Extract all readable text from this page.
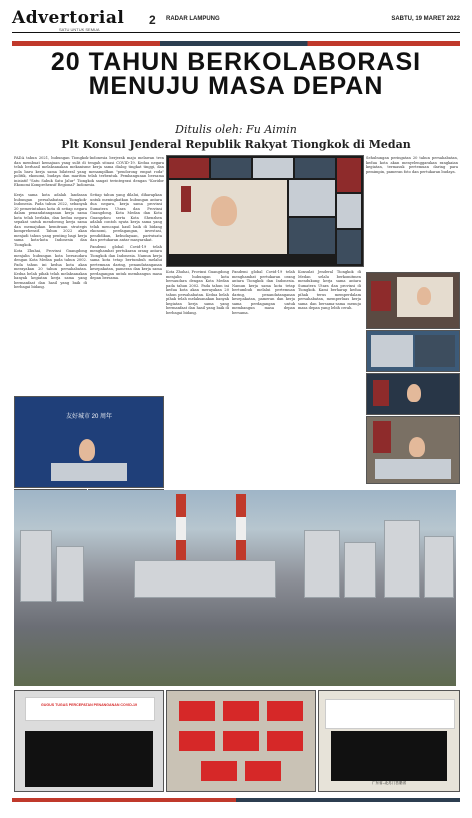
Advertorial
SATU UNTUK SEMUA
2 RADAR LAMPUNG	SABTU, 19 MARET 2022
20 TAHUN BERKOLABORASI
MENUJU MASA DEPAN
Ditulis oleh: Fu Aimin
Plt Konsul Jenderal Republik Rakyat Tiongkok di Medan
PADA tahun 2021, hubungan Tiongkok-Indonesia berjerak maju melawan tren dan membuat kemajuan yang sulit di tengah situasi COVID-19. Kedua negara telah berhasil melaksanakan mekanisme kerja sama dialog tingkat tinggi, dan pola baru kerja sama bilateral yang menampilkan "pendorong empat roda" politik, ekonomi, budaya dan maritim telah terbentuk. Pembangunan bersama inisiatif "Satu Sabuk Satu Jalur" Tiongkok sangat terintegrasi dengan "Koridor Ekonomi Komprehensif Regional" Indonesia.

Kerja sama kota adalah landasan hubungan persahabatan Tiongkok-Indonesia. Pada tahun 2022, sebanyak 20 pemerintahan kota di setiap negara dalam penandatanganan kerja sama kota telah berlaku, dan kedua negara sepakat untuk mendorong kerja sama dan memajukan kemitraan strategis komprehensif. Tahun 2022 akan menjadi tahun yang penting bagi kerja sama kota-kota Indonesia dan Tiongkok.

Kota Zhuhai, Provinsi Guangdong menjalin hubungan kota bersaudara dengan Kota Medan pada tahun 2002. Pada tahun ini kedua kota akan merayakan 20 tahun persahabatan. Kedua belah pihak telah melaksanakan banyak kegiatan kerja sama yang bermanfaat dan hasil yang baik di berbagai bidang.

Setiap tahun yang dilalui, diharapkan untuk meningkatkan hubungan antara dua negara, kerja sama provinsi Sumatera Utara dan Provinsi Guangdong. Kota Medan dan Kota Guangzhou serta Kota Shenzhen adalah contoh nyata kerja sama yang telah mencapai hasil baik di bidang ekonomi, perdagangan, investasi, pendidikan, kebudayaan, pariwisata dan pertukaran antar masyarakat.

Pandemi global Covid-19 telah menghambat pertukaran orang antara Tiongkok dan Indonesia. Namun kerja sama kota tetap bertumbuh melalui pertemuan daring, penandatanganan kesepakatan, pameran dan kerja sama perdagangan untuk membangun masa depan bersama.

Sehubungan peringatan 20 tahun persahabatan, kedua kota akan menyelenggarakan rangkaian kegiatan, termasuk pertemuan daring para pemimpin, pameran foto dan pertukaran budaya.
Kota Zhuhai, Provinsi Guangdong menjalin hubungan kota bersaudara dengan Kota Medan pada tahun 2002. Pada tahun ini kedua kota akan merayakan 20 tahun persahabatan. Kedua belah pihak telah melaksanakan banyak kegiatan kerja sama yang bermanfaat dan hasil yang baik di berbagai bidang.
Pandemi global Covid-19 telah menghambat pertukaran orang antara Tiongkok dan Indonesia. Namun kerja sama kota tetap bertumbuh melalui pertemuan daring, penandatanganan kesepakatan, pameran dan kerja sama perdagangan untuk membangun masa depan bersama.
Konsulat Jenderal Tiongkok di Medan selalu berkomitmen mendukung kerja sama antara Sumatera Utara dan provinsi di Tiongkok. Kami berharap kedua pihak terus memperdalam persahabatan, memperluas kerja sama dan bersama-sama menuju masa depan yang lebih cerah.
友好城市 20 周年
GUGUS TUGAS PERCEPATAN PENANGANAN COVID-19
广东省–北苏门答腊省
